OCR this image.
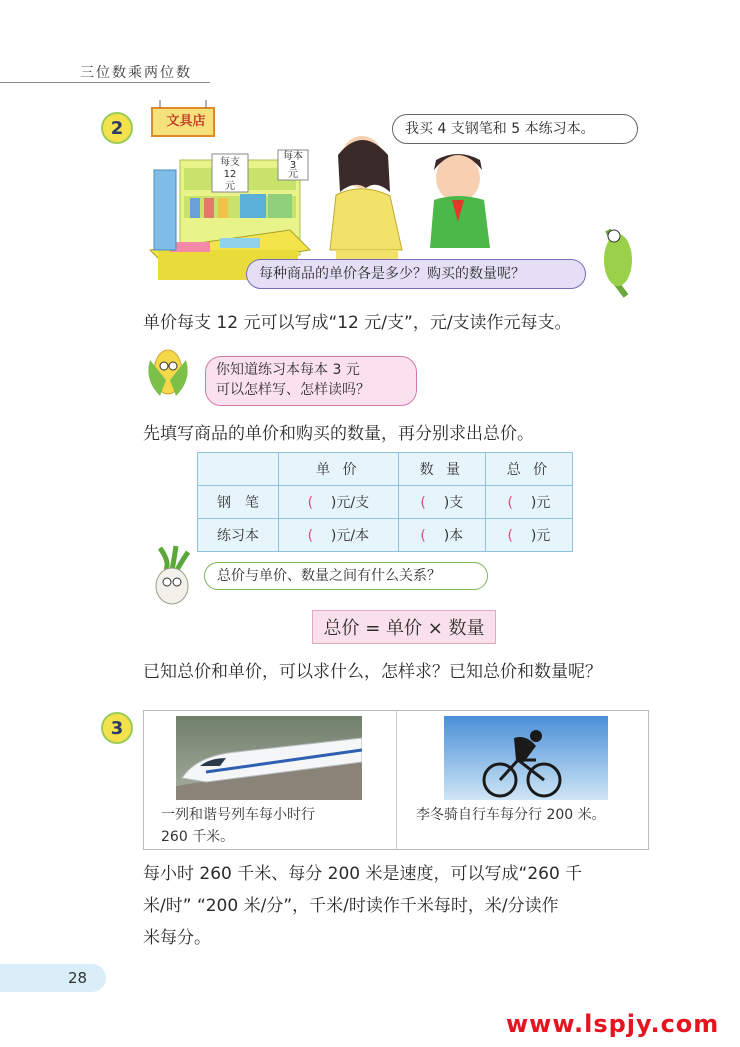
三位数乘两位数
2
每支
12
元
每本
3
元
文具店	我买 4 支钢笔和 5 本练习本。
每种商品的单价各是多少？购买的数量呢？
单价每支 12 元可以写成“12 元/支”，元/支读作元每支。
你知道练习本每本 3 元
可以怎样写、怎样读吗？
先填写商品的单价和购买的数量，再分别求出总价。
	单 价	数 量	总 价
钢　笔	( )元/支	( )支	( )元
练习本	( )元/本	( )本	( )元
总价与单价、数量之间有什么关系？
总价 = 单价 × 数量
已知总价和单价，可以求什么，怎样求？已知总价和数量呢？
3
一列和谐号列车每小时行
260 千米。
李冬骑自行车每分行 200 米。
每小时 260 千米、每分 200 米是速度，可以写成“260 千
米/时” “200 米/分”，千米/时读作千米每时，米/分读作
米每分。
28
www.lspjy.com
